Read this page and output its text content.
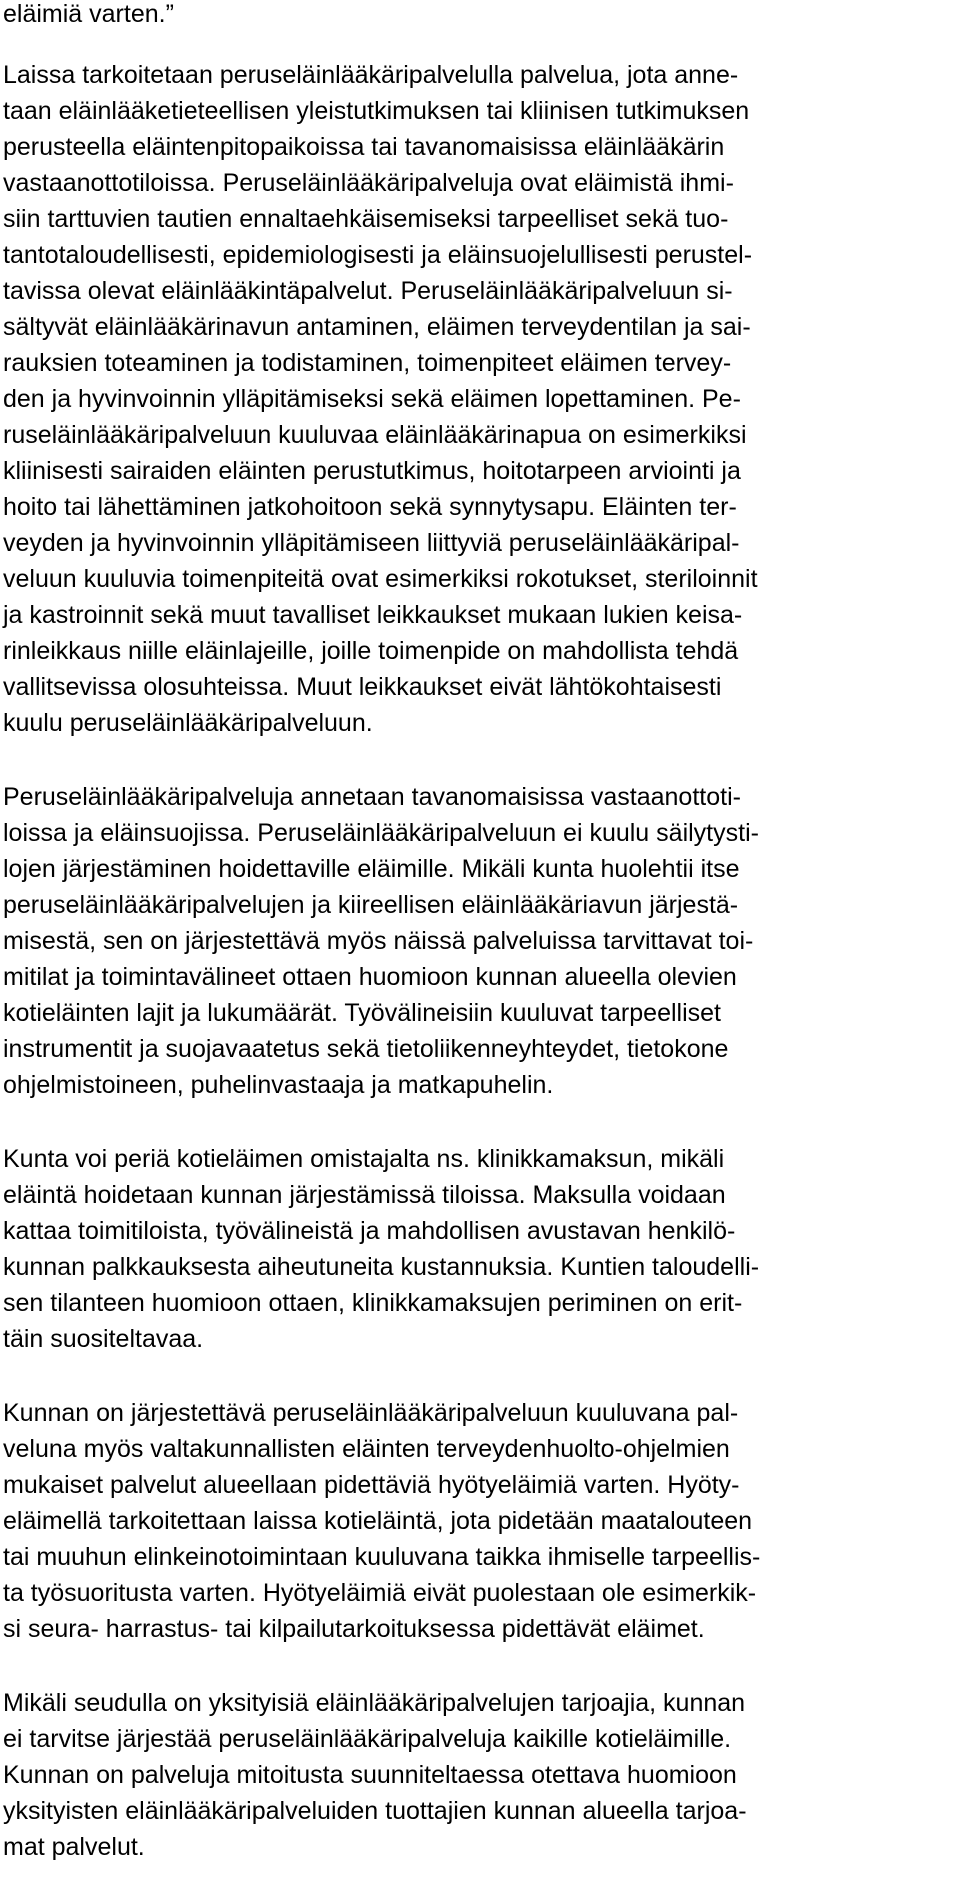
eläimiä varten.”

Laissa tarkoitetaan peruseläinlääkäripalvelulla palvelua, jota anne-

taan eläinlääketieteellisen yleistutkimuksen tai kliinisen tutkimuksen

perusteella eläintenpitopaikoissa tai tavanomaisissa eläinlääkärin

vastaanottotiloissa. Peruseläinlääkäripalveluja ovat eläimistä ihmi-

siin tarttuvien tautien ennaltaehkäisemiseksi tarpeelliset sekä tuo-

tantotaloudellisesti, epidemiologisesti ja eläinsuojelullisesti perustel-

tavissa olevat eläinlääkintäpalvelut. Peruseläinlääkäripalveluun si-

sältyvät eläinlääkärinavun antaminen, eläimen terveydentilan ja sai-

rauksien toteaminen ja todistaminen, toimenpiteet eläimen tervey-

den ja hyvinvoinnin ylläpitämiseksi sekä eläimen lopettaminen. Pe-

ruseläinlääkäripalveluun kuuluvaa eläinlääkärinapua on esimerkiksi

kliinisesti sairaiden eläinten perustutkimus, hoitotarpeen arviointi ja

hoito tai lähettäminen jatkohoitoon sekä synnytysapu. Eläinten ter-

veyden ja hyvinvoinnin ylläpitämiseen liittyviä peruseläinlääkäripal-

veluun kuuluvia toimenpiteitä ovat esimerkiksi rokotukset, steriloinnit

ja kastroinnit sekä muut tavalliset leikkaukset mukaan lukien keisa-

rinleikkaus niille eläinlajeille, joille toimenpide on mahdollista tehdä

vallitsevissa olosuhteissa. Muut leikkaukset eivät lähtökohtaisesti

kuulu peruseläinlääkäripalveluun.

Peruseläinlääkäripalveluja annetaan tavanomaisissa vastaanottoti-

loissa ja eläinsuojissa. Peruseläinlääkäripalveluun ei kuulu säilytysti-

lojen järjestäminen hoidettaville eläimille. Mikäli kunta huolehtii itse

peruseläinlääkäripalvelujen ja kiireellisen eläinlääkäriavun järjestä-

misestä, sen on järjestettävä myös näissä palveluissa tarvittavat toi-

mitilat ja toimintavälineet ottaen huomioon kunnan alueella olevien

kotieläinten lajit ja lukumäärät. Työvälineisiin kuuluvat tarpeelliset

instrumentit ja suojavaatetus sekä tietoliikenneyhteydet, tietokone

ohjelmistoineen, puhelinvastaaja ja matkapuhelin.

Kunta voi periä kotieläimen omistajalta ns. klinikkamaksun, mikäli

eläintä hoidetaan kunnan järjestämissä tiloissa. Maksulla voidaan

kattaa toimitiloista, työvälineistä ja mahdollisen avustavan henkilö-

kunnan palkkauksesta aiheutuneita kustannuksia. Kuntien taloudelli-

sen tilanteen huomioon ottaen, klinikkamaksujen periminen on erit-

täin suositeltavaa.

Kunnan on järjestettävä peruseläinlääkäripalveluun kuuluvana pal-

veluna myös valtakunnallisten eläinten terveydenhuolto-ohjelmien

mukaiset palvelut alueellaan pidettäviä hyötyeläimiä varten. Hyöty-

eläimellä tarkoitettaan laissa kotieläintä, jota pidetään maatalouteen

tai muuhun elinkeinotoimintaan kuuluvana taikka ihmiselle tarpeellis-

ta työsuoritusta varten. Hyötyeläimiä eivät puolestaan ole esimerkik-

si seura- harrastus- tai kilpailutarkoituksessa pidettävät eläimet.

Mikäli seudulla on yksityisiä eläinlääkäripalvelujen tarjoajia, kunnan

ei tarvitse järjestää peruseläinlääkäripalveluja kaikille kotieläimille.

Kunnan on palveluja mitoitusta suunniteltaessa otettava huomioon

yksityisten eläinlääkäripalveluiden tuottajien kunnan alueella tarjoa-

mat palvelut.
